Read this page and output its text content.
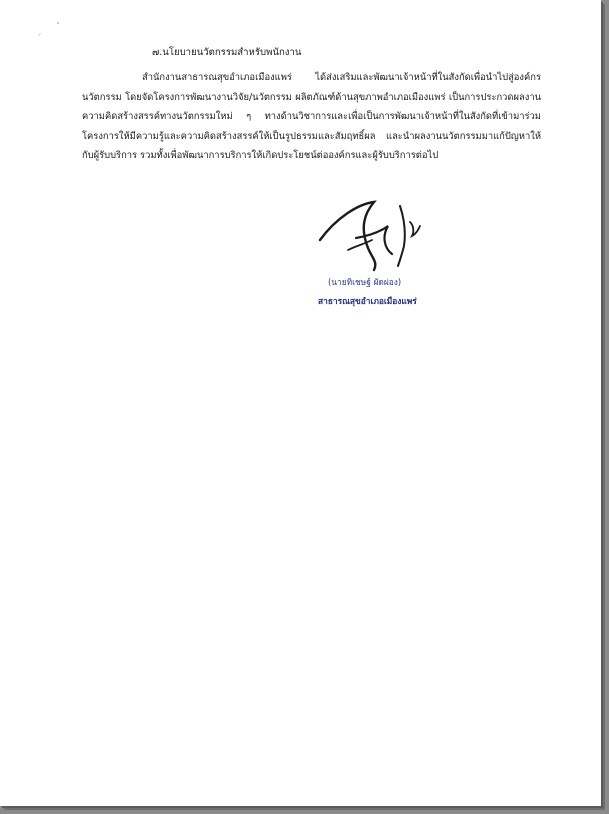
๗.นโยบายนวัตกรรมสำหรับพนักงาน

สำนักงานสาธารณสุขอำเภอเมืองแพร่ ได้ส่งเสริมและพัฒนาเจ้าหน้าที่ในสังกัดเพื่อนำไปสู่องค์กรนวัตกรรม โดยจัดโครงการพัฒนางานวิจัย/นวัตกรรม ผลิตภัณฑ์ด้านสุขภาพอำเภอเมืองแพร่ เป็นการประกวดผลงานความคิดสร้างสรรค์ทางนวัตกรรมใหม่ ๆ ทางด้านวิชาการและเพื่อเป็นการพัฒนาเจ้าหน้าที่ในสังกัดที่เข้ามาร่วมโครงการให้มีความรู้และความคิดสร้างสรรค์ให้เป็นรูปธรรมและสัมฤทธิ์ผล และนำผลงานนวัตกรรมมาแก้ปัญหาให้กับผู้รับบริการ รวมทั้งเพื่อพัฒนาการบริการให้เกิดประโยชน์ต่อองค์กรและผู้รับบริการต่อไป

(นายทิเชษฐ์ ผัดผ่อง)
สาธารณสุขอำเภอเมืองแพร่
